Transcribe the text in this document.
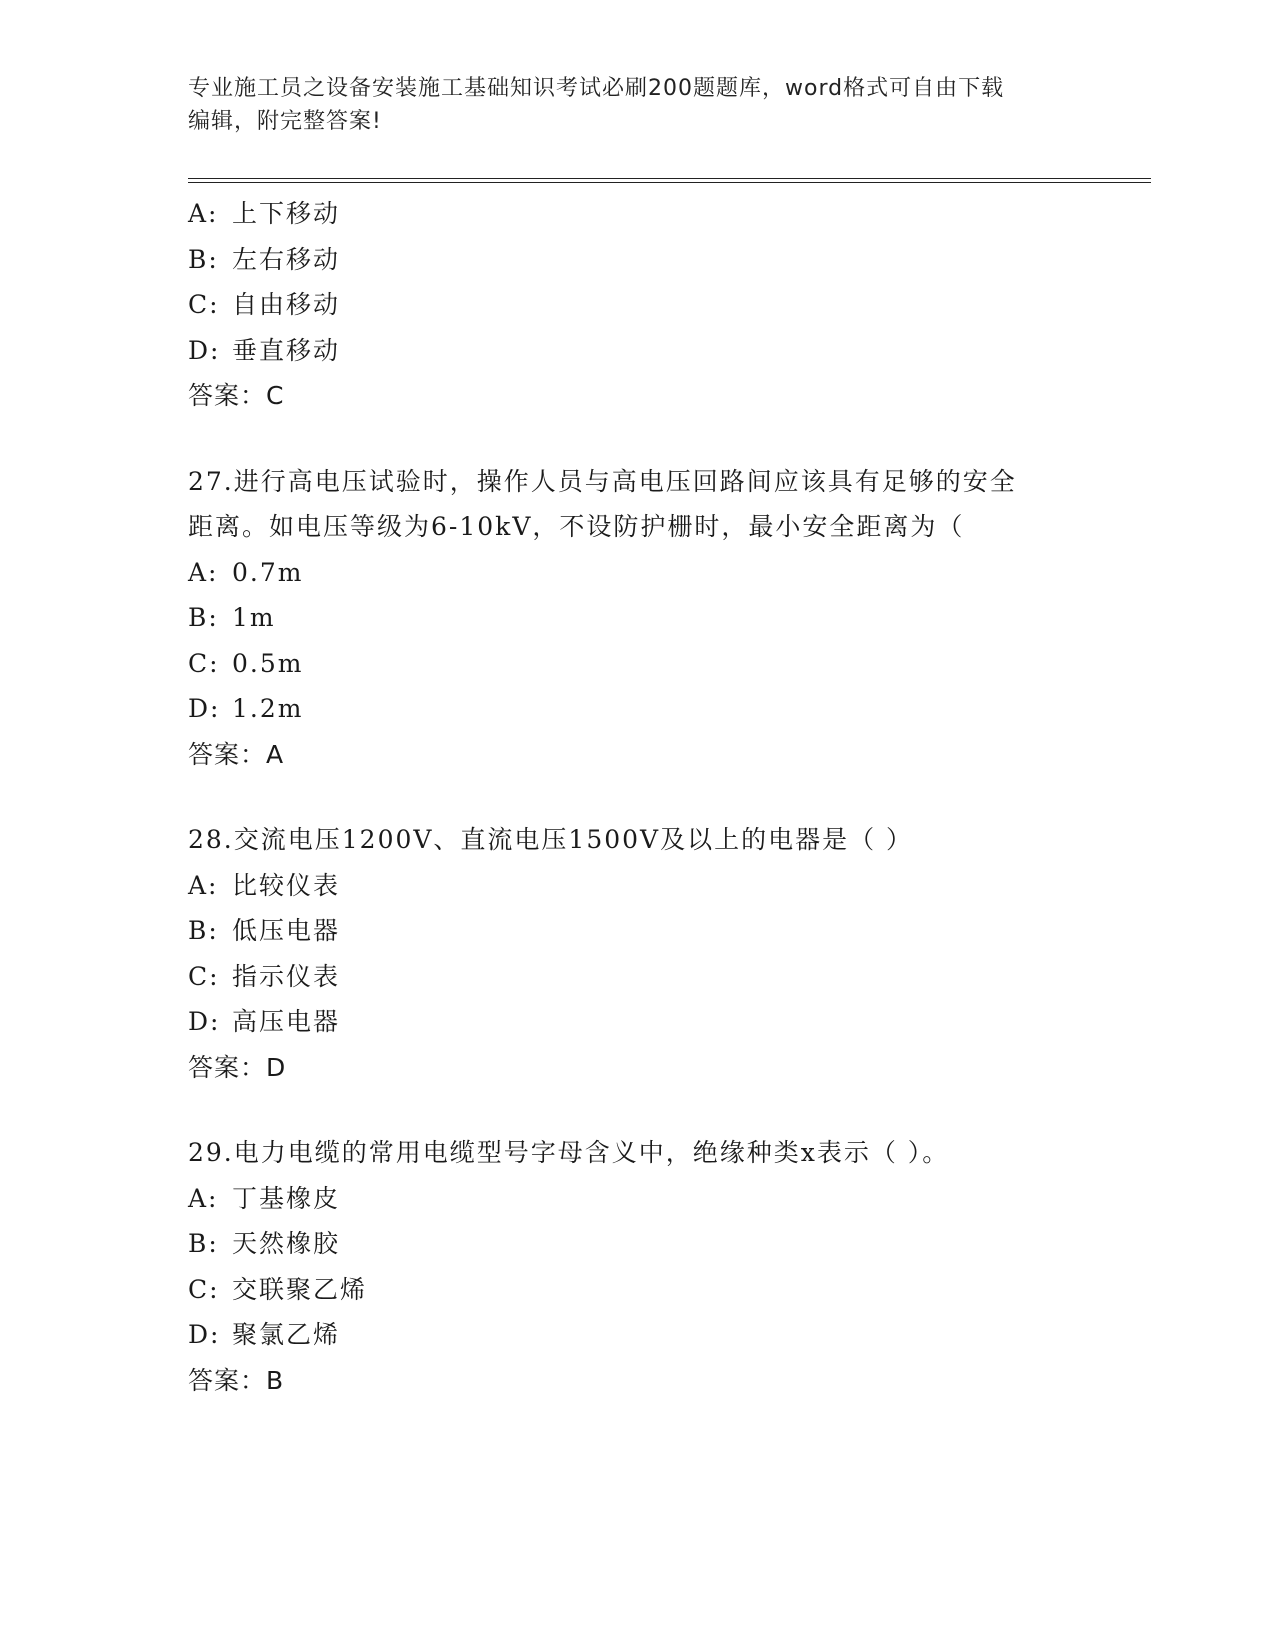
专业施工员之设备安装施工基础知识考试必刷200题题库，word格式可自由下载
编辑，附完整答案!
A: 上下移动
B: 左右移动
C: 自由移动
D: 垂直移动
答案：C
27.进行高电压试验时，操作人员与高电压回路间应该具有足够的安全
距离。如电压等级为6-10kV，不设防护栅时，最小安全距离为（
A: 0.7m
B: 1m
C: 0.5m
D: 1.2m
答案：A
28.交流电压1200V、直流电压1500V及以上的电器是（ ）
A: 比较仪表
B: 低压电器
C: 指示仪表
D: 高压电器
答案：D
29.电力电缆的常用电缆型号字母含义中，绝缘种类x表示（ ）。
A: 丁基橡皮
B: 天然橡胶
C: 交联聚乙烯
D: 聚氯乙烯
答案：B
